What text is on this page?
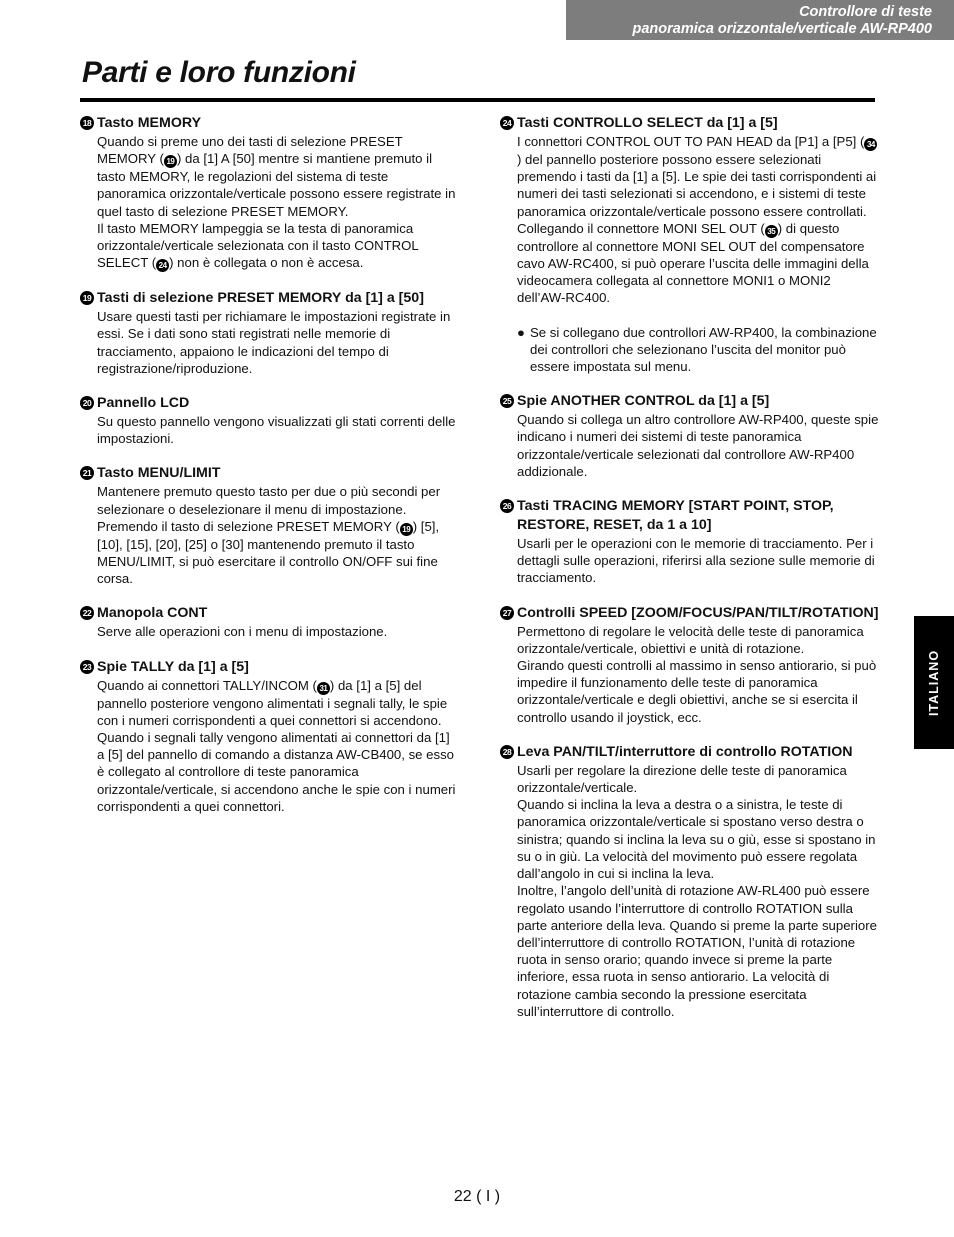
Controllore di teste
panoramica orizzontale/verticale AW-RP400
Parti e loro funzioni
18 Tasto MEMORY

Quando si preme uno dei tasti di selezione PRESET MEMORY ( 19 ) da [1] A [50] mentre si mantiene premuto il tasto MEMORY, le regolazioni del sistema di teste panoramica orizzontale/verticale possono essere registrate in quel tasto di selezione PRESET MEMORY.

Il tasto MEMORY lampeggia se la testa di panoramica orizzontale/verticale selezionata con il tasto CONTROL SELECT ( 24 ) non è collegata o non è accesa.

19 Tasti di selezione PRESET MEMORY da [1] a [50]

Usare questi tasti per richiamare le impostazioni registrate in essi. Se i dati sono stati registrati nelle memorie di tracciamento, appaiono le indicazioni del tempo di registrazione/riproduzione.

20 Pannello LCD

Su questo pannello vengono visualizzati gli stati correnti delle impostazioni.

21 Tasto MENU/LIMIT

Mantenere premuto questo tasto per due o più secondi per selezionare o deselezionare il menu di impostazione. Premendo il tasto di selezione PRESET MEMORY ( 19 ) [5], [10], [15], [20], [25] o [30] mantenendo premuto il tasto MENU/LIMIT, si può esercitare il controllo ON/OFF sui fine corsa.

22 Manopola CONT

Serve alle operazioni con i menu di impostazione.

23 Spie TALLY da [1] a [5]

Quando ai connettori TALLY/INCOM ( 31 ) da [1] a [5] del pannello posteriore vengono alimentati i segnali tally, le spie con i numeri corrispondenti a quei connettori si accendono.

Quando i segnali tally vengono alimentati ai connettori da [1] a [5] del pannello di comando a distanza AW-CB400, se esso è collegato al controllore di teste panoramica orizzontale/verticale, si accendono anche le spie con i numeri corrispondenti a quei connettori.

24 Tasti CONTROLLO SELECT da [1] a [5]

I connettori CONTROL OUT TO PAN HEAD da [P1] a [P5] ( 34) del pannello posteriore possono essere selezionati premendo i tasti da [1] a [5]. Le spie dei tasti corrispondenti ai numeri dei tasti selezionati si accendono, e i sistemi di teste panoramica orizzontale/verticale possono essere controllati.

Collegando il connettore MONI SEL OUT ( 35 ) di questo controllore al connettore MONI SEL OUT del compensatore cavo AW-RC400, si può operare l’uscita delle immagini della videocamera collegata al connettore MONI1 o MONI2 dell’AW-RC400.

● Se si collegano due controllori AW-RP400, la combinazione dei controllori che selezionano l’uscita del monitor può essere impostata sul menu.
25 Spie ANOTHER CONTROL da [1] a [5]

Quando si collega un altro controllore AW-RP400, queste spie indicano i numeri dei sistemi di teste panoramica orizzontale/verticale selezionati dal controllore AW-RP400 addizionale.

26 Tasti TRACING MEMORY [START POINT, STOP, RESTORE, RESET, da 1 a 10]

Usarli per le operazioni con le memorie di tracciamento. Per i dettagli sulle operazioni, riferirsi alla sezione sulle memorie di tracciamento.

27 Controlli SPEED [ZOOM/FOCUS/PAN/TILT/ROTATION]

Permettono di regolare le velocità delle teste di panoramica orizzontale/verticale, obiettivi e unità di rotazione.

Girando questi controlli al massimo in senso antiorario, si può impedire il funzionamento delle teste di panoramica orizzontale/verticale e degli obiettivi, anche se si esercita il controllo usando il joystick, ecc.

28 Leva PAN/TILT/interruttore di controllo ROTATION

Usarli per regolare la direzione delle teste di panoramica orizzontale/verticale.

Quando si inclina la leva a destra o a sinistra, le teste di panoramica orizzontale/verticale si spostano verso destra o sinistra; quando si inclina la leva su o giù, esse si spostano in su o in giù. La velocità del movimento può essere regolata dall’angolo in cui si inclina la leva.

Inoltre, l’angolo dell’unità di rotazione AW-RL400 può essere regolato usando l’interruttore di controllo ROTATION sulla parte anteriore della leva. Quando si preme la parte superiore dell’interruttore di controllo ROTATION, l’unità di rotazione ruota in senso orario; quando invece si preme la parte inferiore, essa ruota in senso antiorario. La velocità di rotazione cambia secondo la pressione esercitata sull’interruttore di controllo.

ITALIANO
22 ( I )
